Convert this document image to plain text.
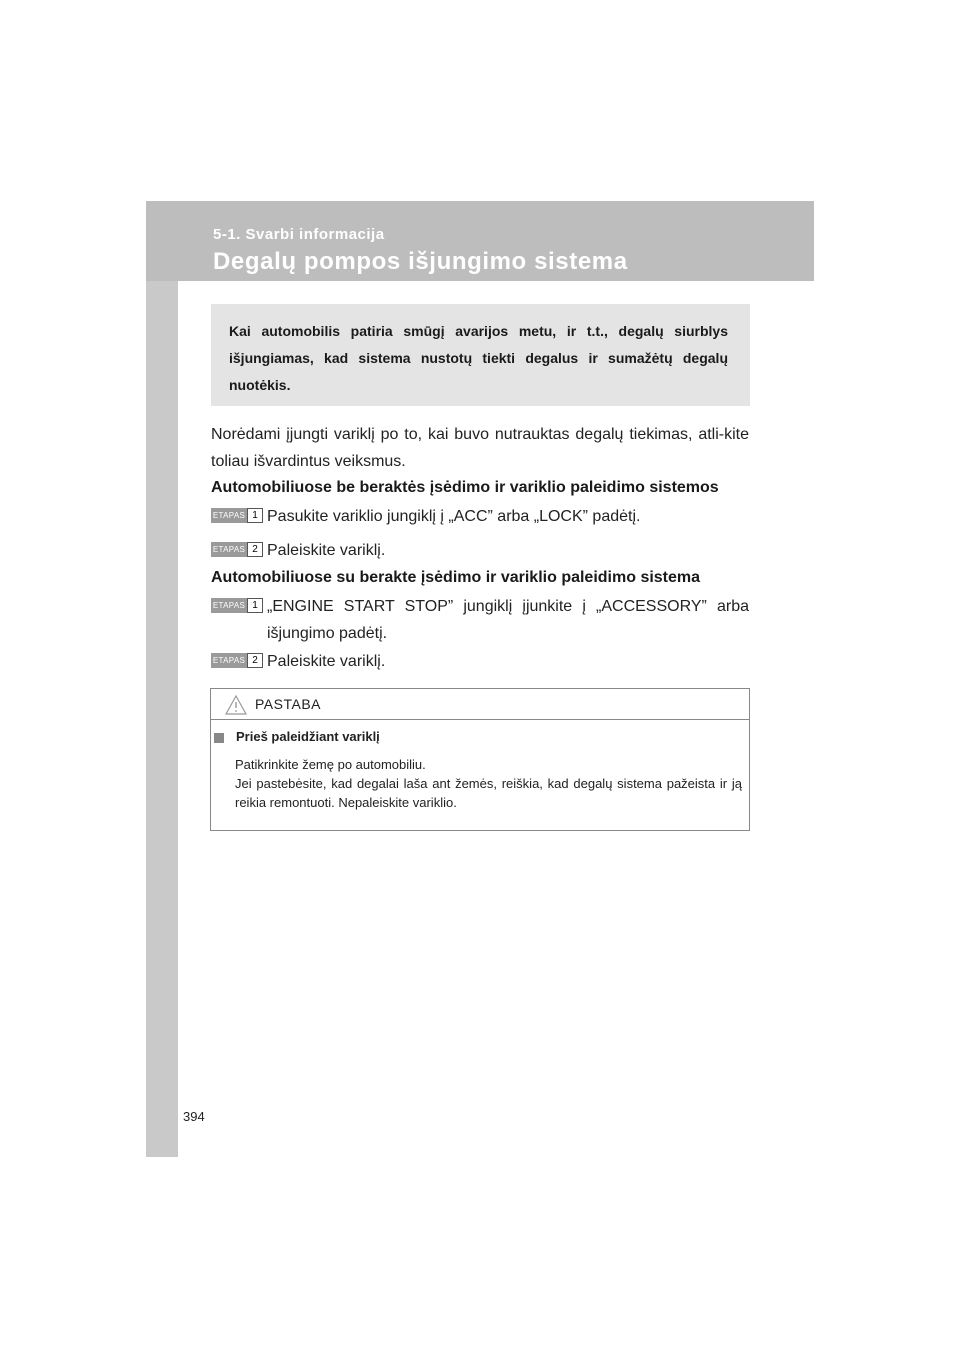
5-1. Svarbi informacija
Degalų pompos išjungimo sistema
Kai automobilis patiria smūgį avarijos metu, ir t.t., degalų siurblys išjungiamas, kad sistema nustotų tiekti degalus ir sumažėtų degalų nuotėkis.
Norėdami įjungti variklį po to, kai buvo nutrauktas degalų tiekimas, atli-kite toliau išvardintus veiksmus.
Automobiliuose be beraktės įsėdimo ir variklio paleidimo sistemos
ETAPAS 1 Pasukite variklio jungiklį į „ACC” arba „LOCK” padėtį.
ETAPAS 2 Paleiskite variklį.
Automobiliuose su berakte įsėdimo ir variklio paleidimo sistema
ETAPAS 1 „ENGINE START STOP” jungiklį įjunkite į „ACCESSORY” arba išjungimo padėtį.
ETAPAS 2 Paleiskite variklį.
PASTABA
Prieš paleidžiant variklį
Patikrinkite žemę po automobiliu.
Jei pastebėsite, kad degalai laša ant žemės, reiškia, kad degalų sistema pažeista ir ją reikia remontuoti. Nepaleiskite variklio.
394
